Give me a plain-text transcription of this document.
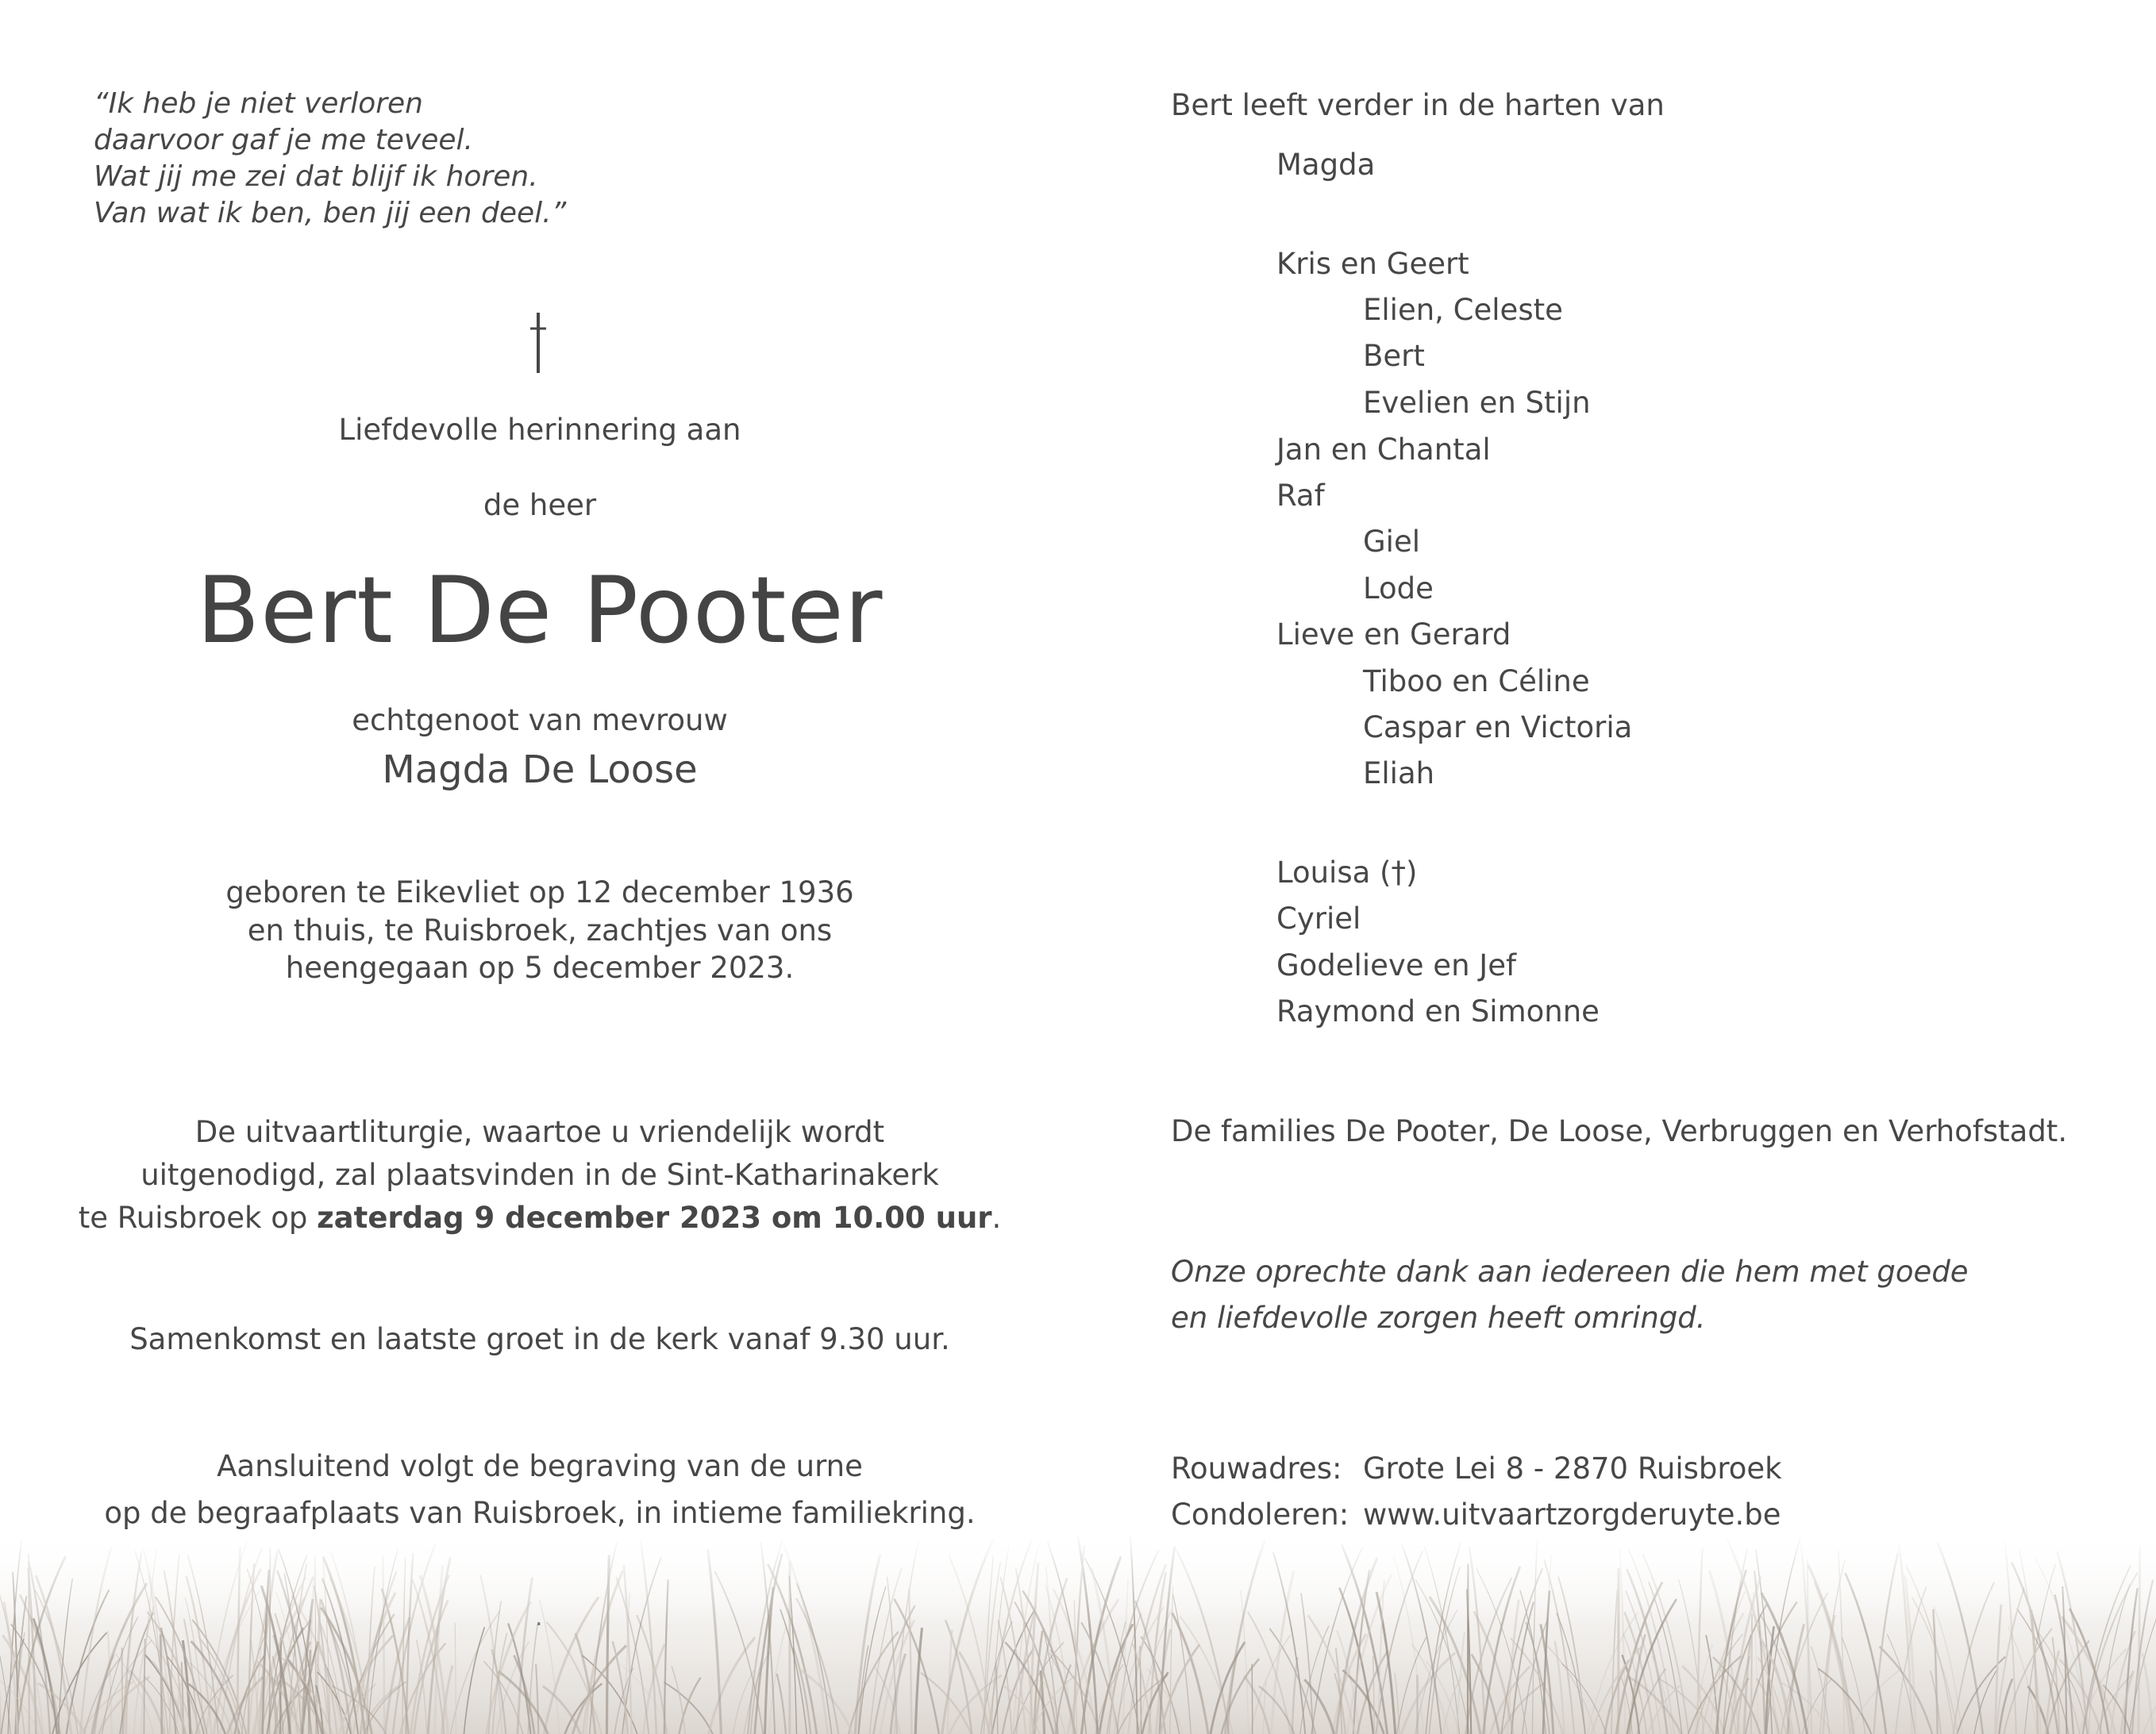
“Ik heb je niet verloren
daarvoor gaf je me teveel.
Wat jij me zei dat blijf ik horen.
Van wat ik ben, ben jij een deel.”
Liefdevolle herinnering aan
de heer
Bert De Pooter
echtgenoot van mevrouw
Magda De Loose
geboren te Eikevliet op 12 december 1936
en thuis, te Ruisbroek, zachtjes van ons
heengegaan op 5 december 2023.
De uitvaartliturgie, waartoe u vriendelijk wordt
uitgenodigd, zal plaatsvinden in de Sint-Katharinakerk
te Ruisbroek op zaterdag 9 december 2023 om 10.00 uur.
Samenkomst en laatste groet in de kerk vanaf 9.30 uur.
Aansluitend volgt de begraving van de urne
op de begraafplaats van Ruisbroek, in intieme familiekring.
Bert leeft verder in de harten van
Magda
Kris en Geert
Elien, Celeste
Bert
Evelien en Stijn
Jan en Chantal
Raf
Giel
Lode
Lieve en Gerard
Tiboo en Céline
Caspar en Victoria
Eliah
Louisa (†)
Cyriel
Godelieve en Jef
Raymond en Simonne
De families De Pooter, De Loose, Verbruggen en Verhofstadt.
Onze oprechte dank aan iedereen die hem met goede
en liefdevolle zorgen heeft omringd.
Rouwadres: Grote Lei 8 - 2870 Ruisbroek
Condoleren: www.uitvaartzorgderuyte.be
.
